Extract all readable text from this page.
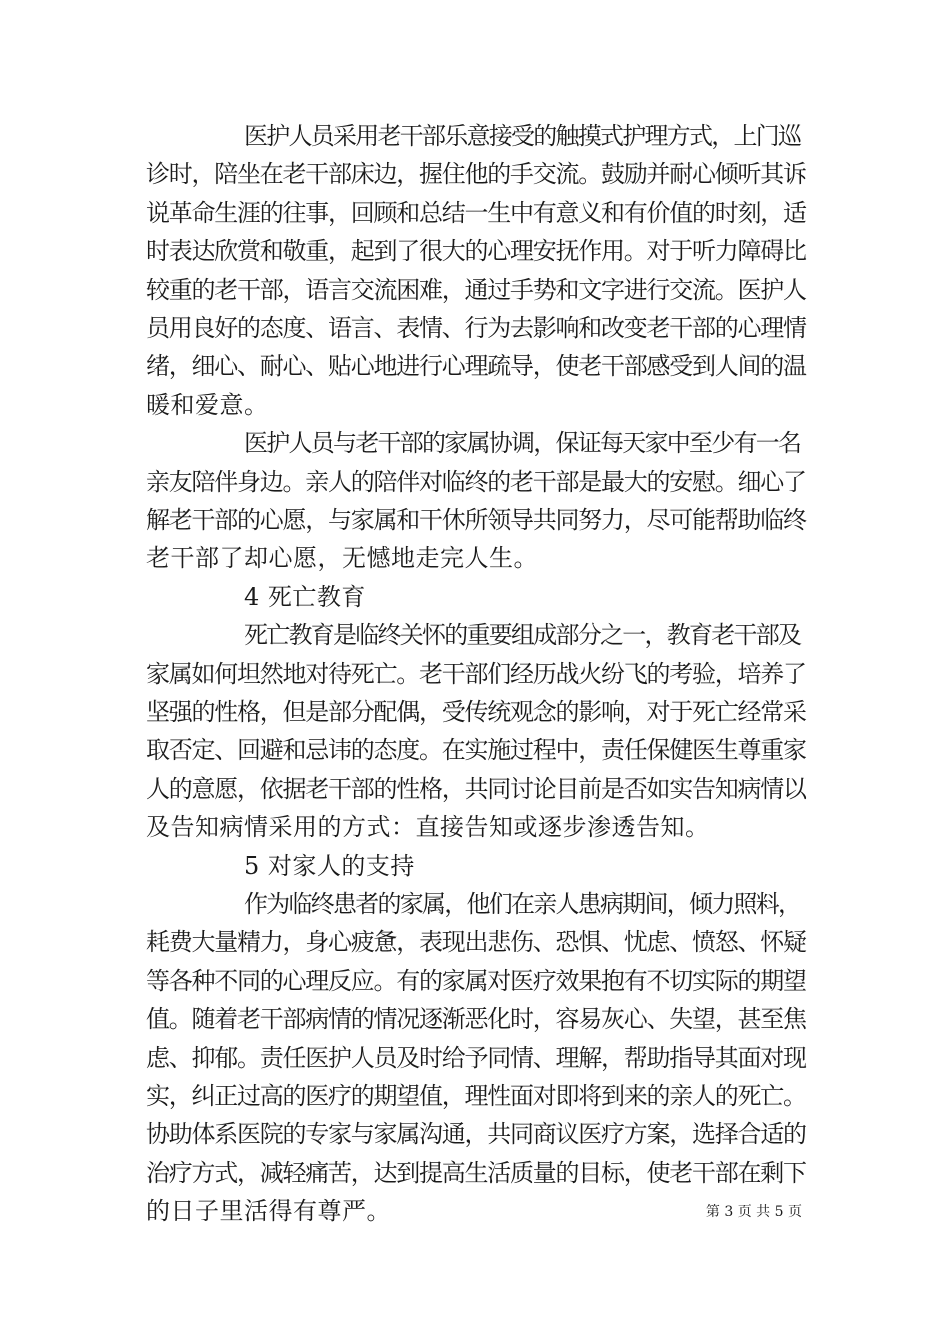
医护人员采用老干部乐意接受的触摸式护理方式，上门巡
诊时，陪坐在老干部床边，握住他的手交流。鼓励并耐心倾听其诉
说革命生涯的往事，回顾和总结一生中有意义和有价值的时刻，适
时表达欣赏和敬重，起到了很大的心理安抚作用。对于听力障碍比
较重的老干部，语言交流困难，通过手势和文字进行交流。医护人
员用良好的态度、语言、表情、行为去影响和改变老干部的心理情
绪，细心、耐心、贴心地进行心理疏导，使老干部感受到人间的温
暖和爱意。
医护人员与老干部的家属协调，保证每天家中至少有一名
亲友陪伴身边。亲人的陪伴对临终的老干部是最大的安慰。细心了
解老干部的心愿，与家属和干休所领导共同努力，尽可能帮助临终
老干部了却心愿，无憾地走完人生。
4 死亡教育
死亡教育是临终关怀的重要组成部分之一，教育老干部及
家属如何坦然地对待死亡。老干部们经历战火纷飞的考验，培养了
坚强的性格，但是部分配偶，受传统观念的影响，对于死亡经常采
取否定、回避和忌讳的态度。在实施过程中，责任保健医生尊重家
人的意愿，依据老干部的性格，共同讨论目前是否如实告知病情以
及告知病情采用的方式：直接告知或逐步渗透告知。
5 对家人的支持
作为临终患者的家属，他们在亲人患病期间，倾力照料，
耗费大量精力，身心疲惫，表现出悲伤、恐惧、忧虑、愤怒、怀疑
等各种不同的心理反应。有的家属对医疗效果抱有不切实际的期望
值。随着老干部病情的情况逐渐恶化时，容易灰心、失望，甚至焦
虑、抑郁。责任医护人员及时给予同情、理解，帮助指导其面对现
实，纠正过高的医疗的期望值，理性面对即将到来的亲人的死亡。
协助体系医院的专家与家属沟通，共同商议医疗方案，选择合适的
治疗方式，减轻痛苦，达到提高生活质量的目标，使老干部在剩下
的日子里活得有尊严。	第 3 页 共 5 页
